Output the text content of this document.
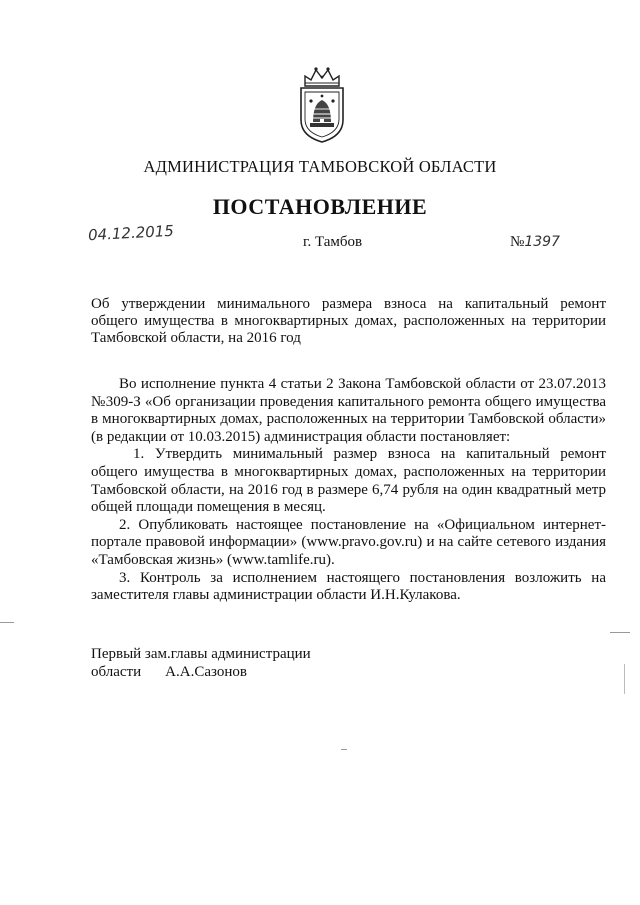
АДМИНИСТРАЦИЯ ТАМБОВСКОЙ ОБЛАСТИ
ПОСТАНОВЛЕНИЕ
04.12.2015	г. Тамбов	№1397
Об утверждении минимального размера взноса на капитальный ремонт
общего имущества в многоквартирных домах, расположенных на территории
Тамбовской области, на 2016 год

Во исполнение пункта 4 статьи 2 Закона Тамбовской области от 23.07.2013 №309-З «Об организации проведения капитального ремонта общего имущества в многоквартирных домах, расположенных на территории Тамбовской области» (в редакции от 10.03.2015) администрация области постановляет:

1. Утвердить минимальный размер взноса на капитальный ремонт общего имущества в многоквартирных домах, расположенных на территории Тамбовской области, на 2016 год в размере 6,74 рубля на один квадратный метр общей площади помещения в месяц.

2. Опубликовать настоящее постановление на «Официальном интернет-портале правовой информации» (www.pravo.gov.ru) и на сайте сетевого издания «Тамбовская жизнь» (www.tamlife.ru).

3. Контроль за исполнением настоящего постановления возложить на заместителя главы администрации области И.Н.Кулакова.

Первый зам.главы администрации
области А.А.Сазонов
